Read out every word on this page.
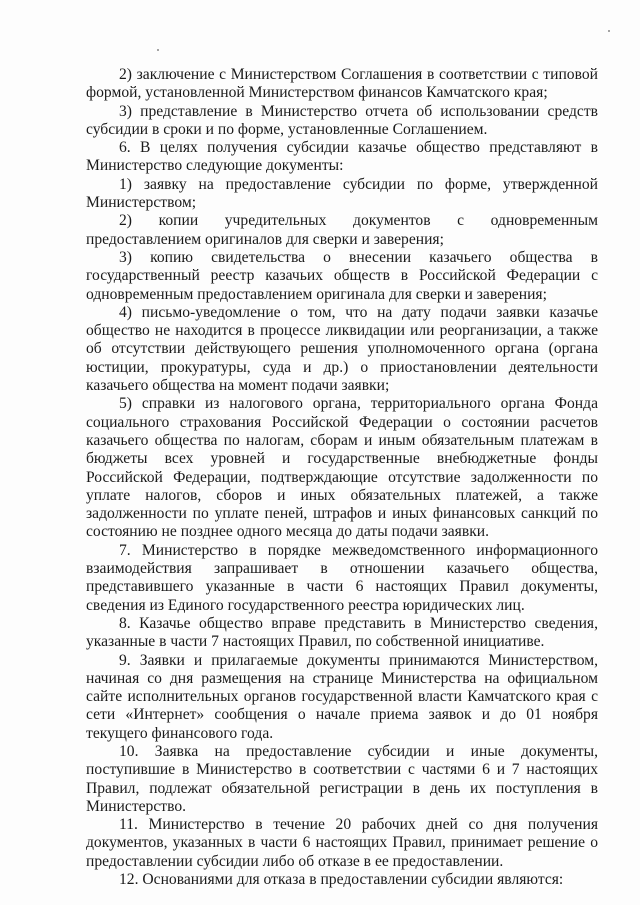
2) заключение с Министерством Соглашения в соответствии с типовой формой, установленной Министерством финансов Камчатского края;

3) представление в Министерство отчета об использовании средств субсидии в сроки и по форме, установленные Соглашением.

6. В целях получения субсидии казачье общество представляют в Министерство следующие документы:

1) заявку на предоставление субсидии по форме, утвержденной Министерством;

2) копии учредительных документов с одновременным предоставлением оригиналов для сверки и заверения;

3) копию свидетельства о внесении казачьего общества в государственный реестр казачьих обществ в Российской Федерации с одновременным предоставлением оригинала для сверки и заверения;

4) письмо-уведомление о том, что на дату подачи заявки казачье общество не находится в процессе ликвидации или реорганизации, а также об отсутствии действующего решения уполномоченного органа (органа юстиции, прокуратуры, суда и др.) о приостановлении деятельности казачьего общества на момент подачи заявки;

5) справки из налогового органа, территориального органа Фонда социального страхования Российской Федерации о состоянии расчетов казачьего общества по налогам, сборам и иным обязательным платежам в бюджеты всех уровней и государственные внебюджетные фонды Российской Федерации, подтверждающие отсутствие задолженности по уплате налогов, сборов и иных обязательных платежей, а также задолженности по уплате пеней, штрафов и иных финансовых санкций по состоянию не позднее одного месяца до даты подачи заявки.

7. Министерство в порядке межведомственного информационного взаимодействия запрашивает в отношении казачьего общества, представившего указанные в части 6 настоящих Правил документы, сведения из Единого государственного реестра юридических лиц.

8. Казачье общество вправе представить в Министерство сведения, указанные в части 7 настоящих Правил, по собственной инициативе.

9. Заявки и прилагаемые документы принимаются Министерством, начиная со дня размещения на странице Министерства на официальном сайте исполнительных органов государственной власти Камчатского края с сети «Интернет» сообщения о начале приема заявок и до 01 ноября текущего финансового года.

10. Заявка на предоставление субсидии и иные документы, поступившие в Министерство в соответствии с частями 6 и 7 настоящих Правил, подлежат обязательной регистрации в день их поступления в Министерство.

11. Министерство в течение 20 рабочих дней со дня получения документов, указанных в части 6 настоящих Правил, принимает решение о предоставлении субсидии либо об отказе в ее предоставлении.

12. Основаниями для отказа в предоставлении субсидии являются:
